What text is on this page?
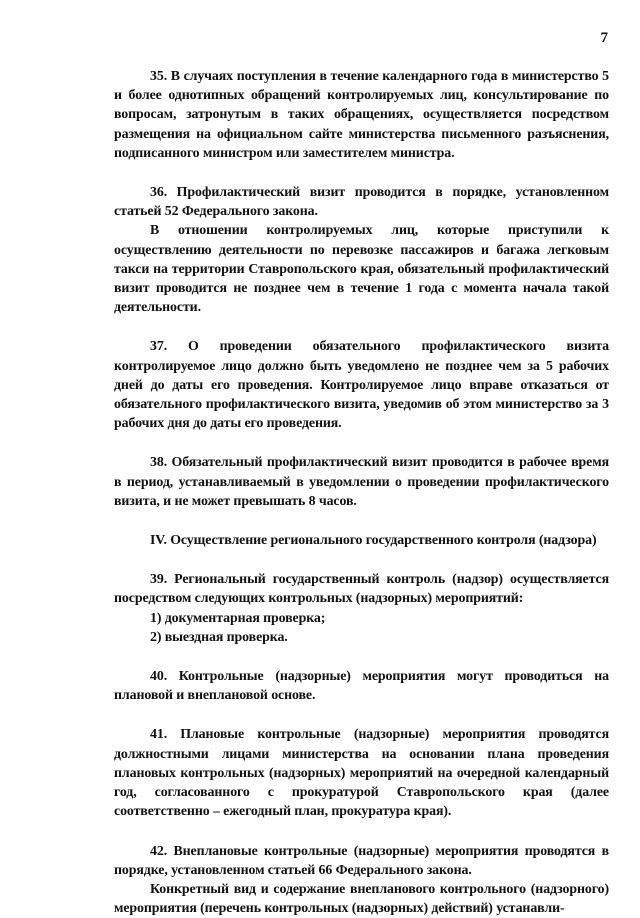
7

35. В случаях поступления в течение календарного года в министерство 5 и более однотипных обращений контролируемых лиц, консультирование по вопросам, затронутым в таких обращениях, осуществляется посредством размещения на официальном сайте министерства письменного разъяснения, подписанного министром или заместителем министра.

36. Профилактический визит проводится в порядке, установленном статьей 52 Федерального закона.

В отношении контролируемых лиц, которые приступили к осуществлению деятельности по перевозке пассажиров и багажа легковым такси на территории Ставропольского края, обязательный профилактический визит проводится не позднее чем в течение 1 года с момента начала такой деятельности.

37. О проведении обязательного профилактического визита контролируемое лицо должно быть уведомлено не позднее чем за 5 рабочих дней до даты его проведения. Контролируемое лицо вправе отказаться от обязательного профилактического визита, уведомив об этом министерство за 3 рабочих дня до даты его проведения.

38. Обязательный профилактический визит проводится в рабочее время в период, устанавливаемый в уведомлении о проведении профилактического визита, и не может превышать 8 часов.

IV. Осуществление регионального государственного контроля (надзора)

39. Региональный государственный контроль (надзор) осуществляется посредством следующих контрольных (надзорных) мероприятий:

1) документарная проверка;

2) выездная проверка.

40. Контрольные (надзорные) мероприятия могут проводиться на плановой и внеплановой основе.

41. Плановые контрольные (надзорные) мероприятия проводятся должностными лицами министерства на основании плана проведения плановых контрольных (надзорных) мероприятий на очередной календарный год, согласованного с прокуратурой Ставропольского края (далее соответственно – ежегодный план, прокуратура края).

42. Внеплановые контрольные (надзорные) мероприятия проводятся в порядке, установленном статьей 66 Федерального закона.

Конкретный вид и содержание внепланового контрольного (надзорного) мероприятия (перечень контрольных (надзорных) действий) устанавли-
